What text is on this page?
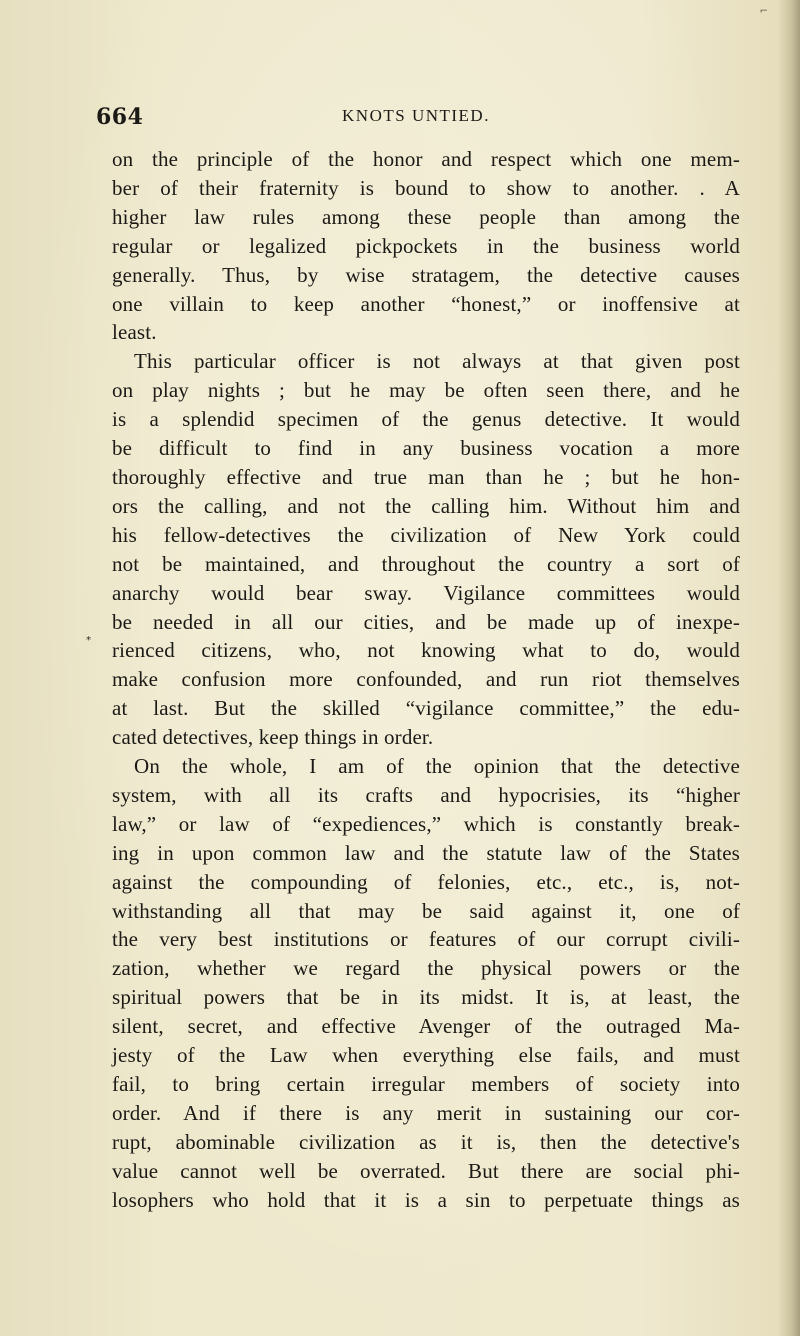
⌐
664	KNOTS UNTIED.
*
on the principle of the honor and respect which one mem-
ber of their fraternity is bound to show to another. . A
higher law rules among these people than among the
regular or legalized pickpockets in the business world
generally. Thus, by wise stratagem, the detective causes
one villain to keep another “honest,” or inoffensive at
least.
This particular officer is not always at that given post
on play nights ; but he may be often seen there, and he
is a splendid specimen of the genus detective. It would
be difficult to find in any business vocation a more
thoroughly effective and true man than he ; but he hon-
ors the calling, and not the calling him. Without him and
his fellow-detectives the civilization of New York could
not be maintained, and throughout the country a sort of
anarchy would bear sway. Vigilance committees would
be needed in all our cities, and be made up of inexpe-
rienced citizens, who, not knowing what to do, would
make confusion more confounded, and run riot themselves
at last. But the skilled “vigilance committee,” the edu-
cated detectives, keep things in order.
On the whole, I am of the opinion that the detective
system, with all its crafts and hypocrisies, its “higher
law,” or law of “expediences,” which is constantly break-
ing in upon common law and the statute law of the States
against the compounding of felonies, etc., etc., is, not-
withstanding all that may be said against it, one of
the very best institutions or features of our corrupt civili-
zation, whether we regard the physical powers or the
spiritual powers that be in its midst. It is, at least, the
silent, secret, and effective Avenger of the outraged Ma-
jesty of the Law when everything else fails, and must
fail, to bring certain irregular members of society into
order. And if there is any merit in sustaining our cor-
rupt, abominable civilization as it is, then the detective's
value cannot well be overrated. But there are social phi-
losophers who hold that it is a sin to perpetuate things as
